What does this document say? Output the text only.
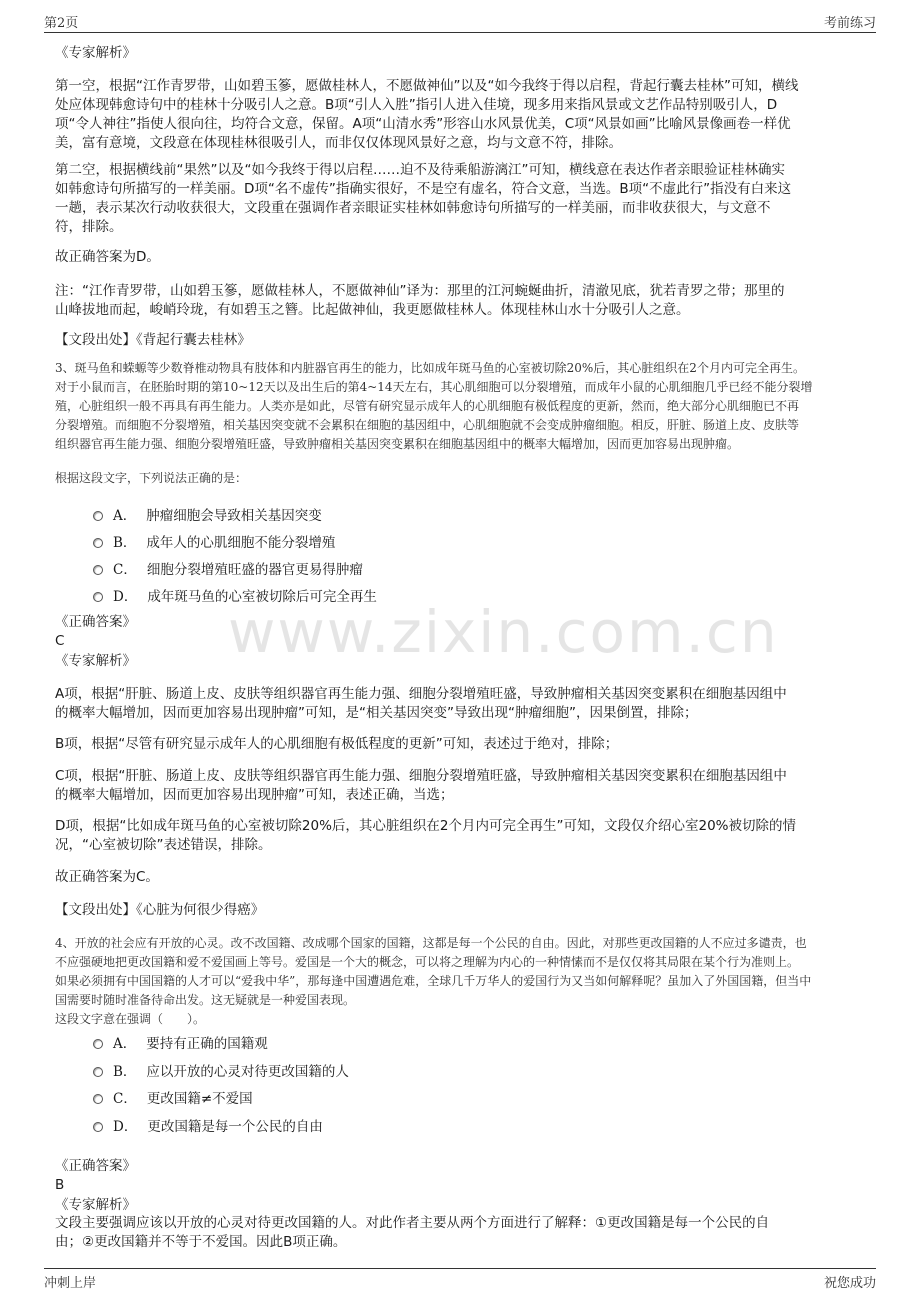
第2页	考前练习
《专家解析》
第一空，根据“江作青罗带，山如碧玉篸，愿做桂林人，不愿做神仙”以及“如今我终于得以启程，背起行囊去桂林”可知，横线
处应体现韩愈诗句中的桂林十分吸引人之意。B项“引人入胜”指引人进入佳境，现多用来指风景或文艺作品特别吸引人，D
项“令人神往”指使人很向往，均符合文意，保留。A项“山清水秀”形容山水风景优美，C项“风景如画”比喻风景像画卷一样优
美，富有意境，文段意在体现桂林很吸引人，而非仅仅体现风景好之意，均与文意不符，排除。
第二空，根据横线前“果然”以及“如今我终于得以启程……迫不及待乘船游漓江”可知，横线意在表达作者亲眼验证桂林确实
如韩愈诗句所描写的一样美丽。D项“名不虚传”指确实很好，不是空有虚名，符合文意，当选。B项“不虚此行”指没有白来这
一趟，表示某次行动收获很大，文段重在强调作者亲眼证实桂林如韩愈诗句所描写的一样美丽，而非收获很大，与文意不
符，排除。
故正确答案为D。
注：“江作青罗带，山如碧玉篸，愿做桂林人，不愿做神仙”译为：那里的江河蜿蜒曲折，清澈见底，犹若青罗之带；那里的
山峰拔地而起，峻峭玲珑，有如碧玉之簪。比起做神仙，我更愿做桂林人。体现桂林山水十分吸引人之意。
【文段出处】《背起行囊去桂林》
3、斑马鱼和蝾螈等少数脊椎动物具有肢体和内脏器官再生的能力，比如成年斑马鱼的心室被切除20%后，其心脏组织在2个月内可完全再生。
对于小鼠而言，在胚胎时期的第10~12天以及出生后的第4~14天左右，其心肌细胞可以分裂增殖，而成年小鼠的心肌细胞几乎已经不能分裂增
殖，心脏组织一般不再具有再生能力。人类亦是如此，尽管有研究显示成年人的心肌细胞有极低程度的更新，然而，绝大部分心肌细胞已不再
分裂增殖。而细胞不分裂增殖，相关基因突变就不会累积在细胞的基因组中，心肌细胞就不会变成肿瘤细胞。相反，肝脏、肠道上皮、皮肤等
组织器官再生能力强、细胞分裂增殖旺盛，导致肿瘤相关基因突变累积在细胞基因组中的概率大幅增加，因而更加容易出现肿瘤。
根据这段文字，下列说法正确的是：
A． 肿瘤细胞会导致相关基因突变
B． 成年人的心肌细胞不能分裂增殖
C． 细胞分裂增殖旺盛的器官更易得肿瘤
D． 成年斑马鱼的心室被切除后可完全再生
《正确答案》
C
《专家解析》	www.zixin.com.cn
A项，根据“肝脏、肠道上皮、皮肤等组织器官再生能力强、细胞分裂增殖旺盛，导致肿瘤相关基因突变累积在细胞基因组中
的概率大幅增加，因而更加容易出现肿瘤”可知，是“相关基因突变”导致出现“肿瘤细胞”，因果倒置，排除；
B项，根据“尽管有研究显示成年人的心肌细胞有极低程度的更新”可知，表述过于绝对，排除；
C项，根据“肝脏、肠道上皮、皮肤等组织器官再生能力强、细胞分裂增殖旺盛，导致肿瘤相关基因突变累积在细胞基因组中
的概率大幅增加，因而更加容易出现肿瘤”可知，表述正确，当选；
D项，根据“比如成年斑马鱼的心室被切除20%后，其心脏组织在2个月内可完全再生”可知，文段仅介绍心室20%被切除的情
况，“心室被切除”表述错误，排除。
故正确答案为C。
【文段出处】《心脏为何很少得癌》
4、开放的社会应有开放的心灵。改不改国籍、改成哪个国家的国籍，这都是每一个公民的自由。因此，对那些更改国籍的人不应过多谴责，也
不应强硬地把更改国籍和爱不爱国画上等号。爱国是一个大的概念，可以将之理解为内心的一种情愫而不是仅仅将其局限在某个行为准则上。
如果必须拥有中国国籍的人才可以“爱我中华”，那每逢中国遭遇危难，全球几千万华人的爱国行为又当如何解释呢？虽加入了外国国籍，但当中
国需要时随时准备待命出发。这无疑就是一种爱国表现。
这段文字意在强调（　　）。
A． 要持有正确的国籍观
B． 应以开放的心灵对待更改国籍的人
C． 更改国籍≠不爱国
D． 更改国籍是每一个公民的自由
《正确答案》
B
《专家解析》
文段主要强调应该以开放的心灵对待更改国籍的人。对此作者主要从两个方面进行了解释：①更改国籍是每一个公民的自
由；②更改国籍并不等于不爱国。因此B项正确。
冲刺上岸	祝您成功
